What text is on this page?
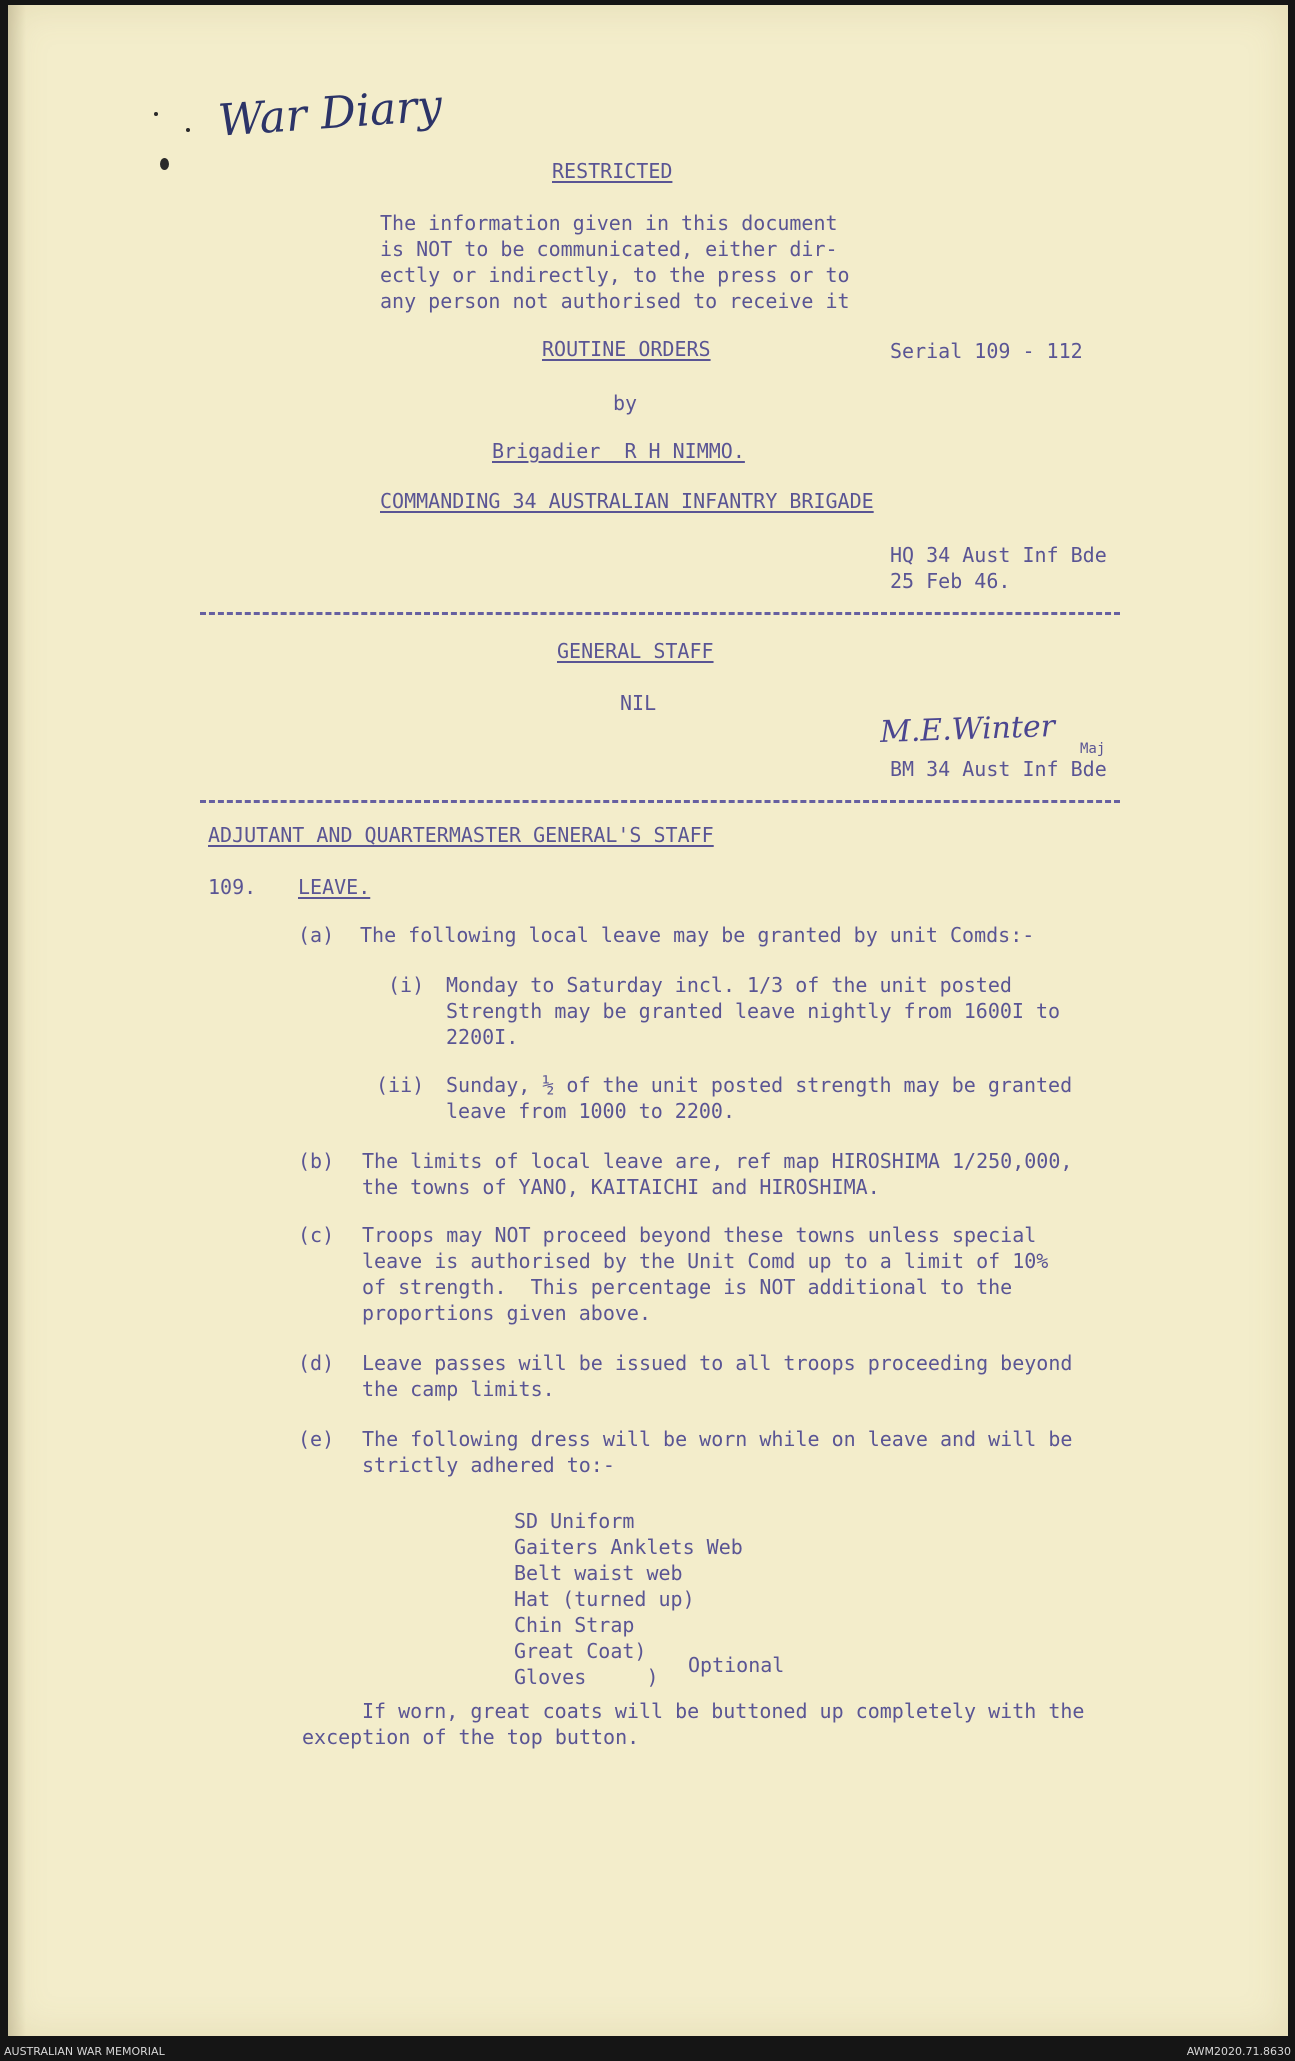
War Diary
RESTRICTED
The information given in this document
is NOT to be communicated, either dir-
ectly or indirectly, to the press or to
any person not authorised to receive it
ROUTINE ORDERS	Serial 109 - 112
by
Brigadier  R H NIMMO.
COMMANDING 34 AUSTRALIAN INFANTRY BRIGADE
HQ 34 Aust Inf Bde
25 Feb 46.
GENERAL STAFF
NIL
M.E.Winter Maj
BM 34 Aust Inf Bde
ADJUTANT AND QUARTERMASTER GENERAL'S STAFF
109. LEAVE.
(a) The following local leave may be granted by unit Comds:-
(i) Monday to Saturday incl. 1/3 of the unit posted
Strength may be granted leave nightly from 1600I to
2200I.
(ii) Sunday, ½ of the unit posted strength may be granted
leave from 1000 to 2200.
(b) The limits of local leave are, ref map HIROSHIMA 1/250,000,
the towns of YANO, KAITAICHI and HIROSHIMA.
(c) Troops may NOT proceed beyond these towns unless special
leave is authorised by the Unit Comd up to a limit of 10%
of strength.  This percentage is NOT additional to the
proportions given above.
(d) Leave passes will be issued to all troops proceeding beyond
the camp limits.
(e) The following dress will be worn while on leave and will be
strictly adhered to:-
SD Uniform
Gaiters Anklets Web
Belt waist web
Hat (turned up)
Chin Strap
Great Coat)
Gloves     ) Optional
If worn, great coats will be buttoned up completely with the
exception of the top button.
AUSTRALIAN WAR MEMORIAL	AWM2020.71.8630
